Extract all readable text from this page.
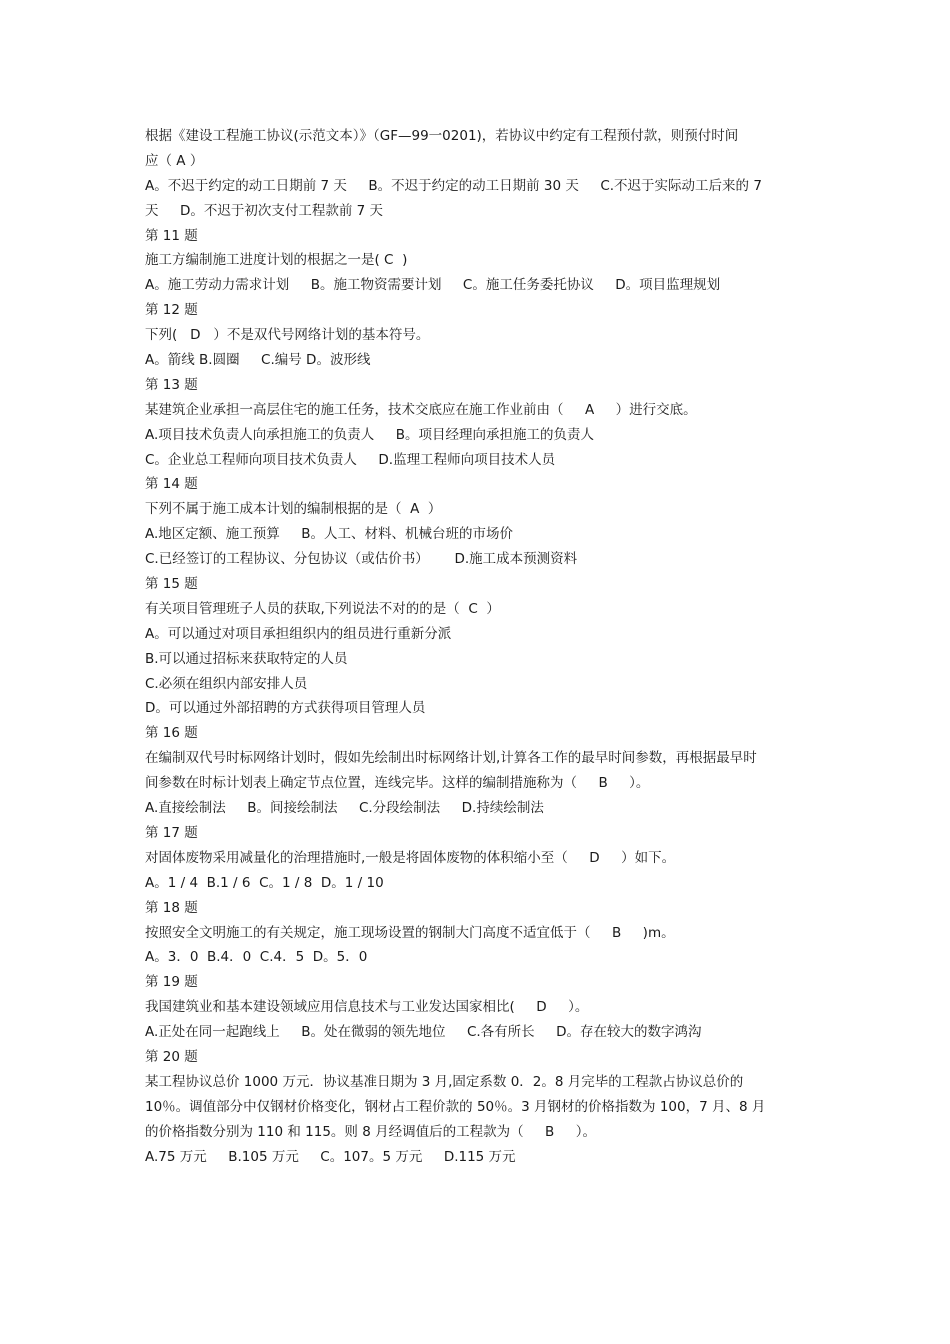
根据《建设工程施工协议(示范文本）》（GF—99一0201)，若协议中约定有工程预付款，则预付时间
应（ A ）
A。不迟于约定的动工日期前 7 天     B。不迟于约定的动工日期前 30 天     C.不迟于实际动工后来的 7
天     D。不迟于初次支付工程款前 7 天
第 11 题
施工方编制施工进度计划的根据之一是( C  )
A。施工劳动力需求计划     B。施工物资需要计划     C。施工任务委托协议     D。项目监理规划
第 12 题
下列(   D   ）不是双代号网络计划的基本符号。
A。箭线 B.圆圈     C.编号 D。波形线
第 13 题
某建筑企业承担一高层住宅的施工任务，技术交底应在施工作业前由（     A     ）进行交底。
A.项目技术负责人向承担施工的负责人     B。项目经理向承担施工的负责人
C。企业总工程师向项目技术负责人     D.监理工程师向项目技术人员
第 14 题
下列不属于施工成本计划的编制根据的是（  A  ）
A.地区定额、施工预算     B。人工、材料、机械台班的市场价
C.已经签订的工程协议、分包协议（或估价书）      D.施工成本预测资料
第 15 题
有关项目管理班子人员的获取,下列说法不对的的是（  C  ）
A。可以通过对项目承担组织内的组员进行重新分派
B.可以通过招标来获取特定的人员
C.必须在组织内部安排人员
D。可以通过外部招聘的方式获得项目管理人员
第 16 题
在编制双代号时标网络计划时，假如先绘制出时标网络计划,计算各工作的最早时间参数，再根据最早时
间参数在时标计划表上确定节点位置，连线完毕。这样的编制措施称为（     B     ）。
A.直接绘制法     B。间接绘制法     C.分段绘制法     D.持续绘制法
第 17 题
对固体废物采用减量化的治理措施时,一般是将固体废物的体积缩小至（     D     ）如下。
A。1 / 4  B.1 / 6  C。1 / 8  D。1 / 10
第 18 题
按照安全文明施工的有关规定，施工现场设置的钢制大门高度不适宜低于（     B     )m。
A。3．0  B.4．0  C.4．5  D。5．0
第 19 题
我国建筑业和基本建设领域应用信息技术与工业发达国家相比(     D     ）。
A.正处在同一起跑线上     B。处在微弱的领先地位     C.各有所长     D。存在较大的数字鸿沟
第 20 题
某工程协议总价 1000 万元．协议基准日期为 3 月,固定系数 0．2。8 月完毕的工程款占协议总价的
10％。调值部分中仅钢材价格变化，钢材占工程价款的 50％。3 月钢材的价格指数为 100，7 月、8 月
的价格指数分别为 110 和 115。则 8 月经调值后的工程款为（     B     ）。
A.75 万元     B.105 万元     C。107。5 万元     D.115 万元
